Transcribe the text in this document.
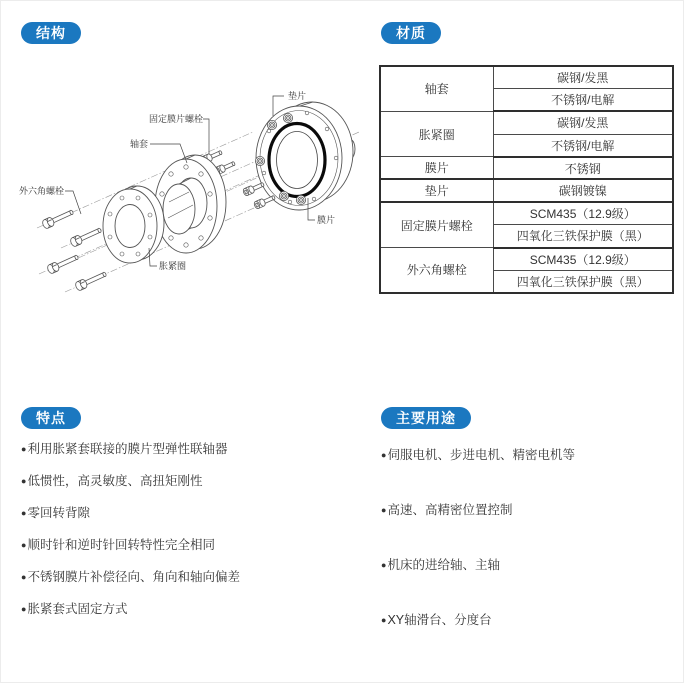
结构	材质
特点	主要用途
垫片
固定膜片螺栓
轴套
外六角螺栓
胀紧圈
膜片
轴套	碳钢/发黑
	不锈钢/电解
胀紧圈	碳钢/发黑
	不锈钢/电解
膜片	不锈钢
垫片	碳钢镀镍
固定膜片螺栓	SCM435（12.9级）
	四氧化三铁保护膜（黑）
外六角螺栓	SCM435（12.9级）
	四氧化三铁保护膜（黑）
●利用胀紧套联接的膜片型弹性联轴器
●低惯性，高灵敏度、高扭矩刚性
●零回转背隙
●顺时针和逆时针回转特性完全相同
●不锈钢膜片补偿径向、角向和轴向偏差
●胀紧套式固定方式
●伺服电机、步进电机、精密电机等
●高速、高精密位置控制
●机床的进给轴、主轴
●XY轴滑台、分度台
